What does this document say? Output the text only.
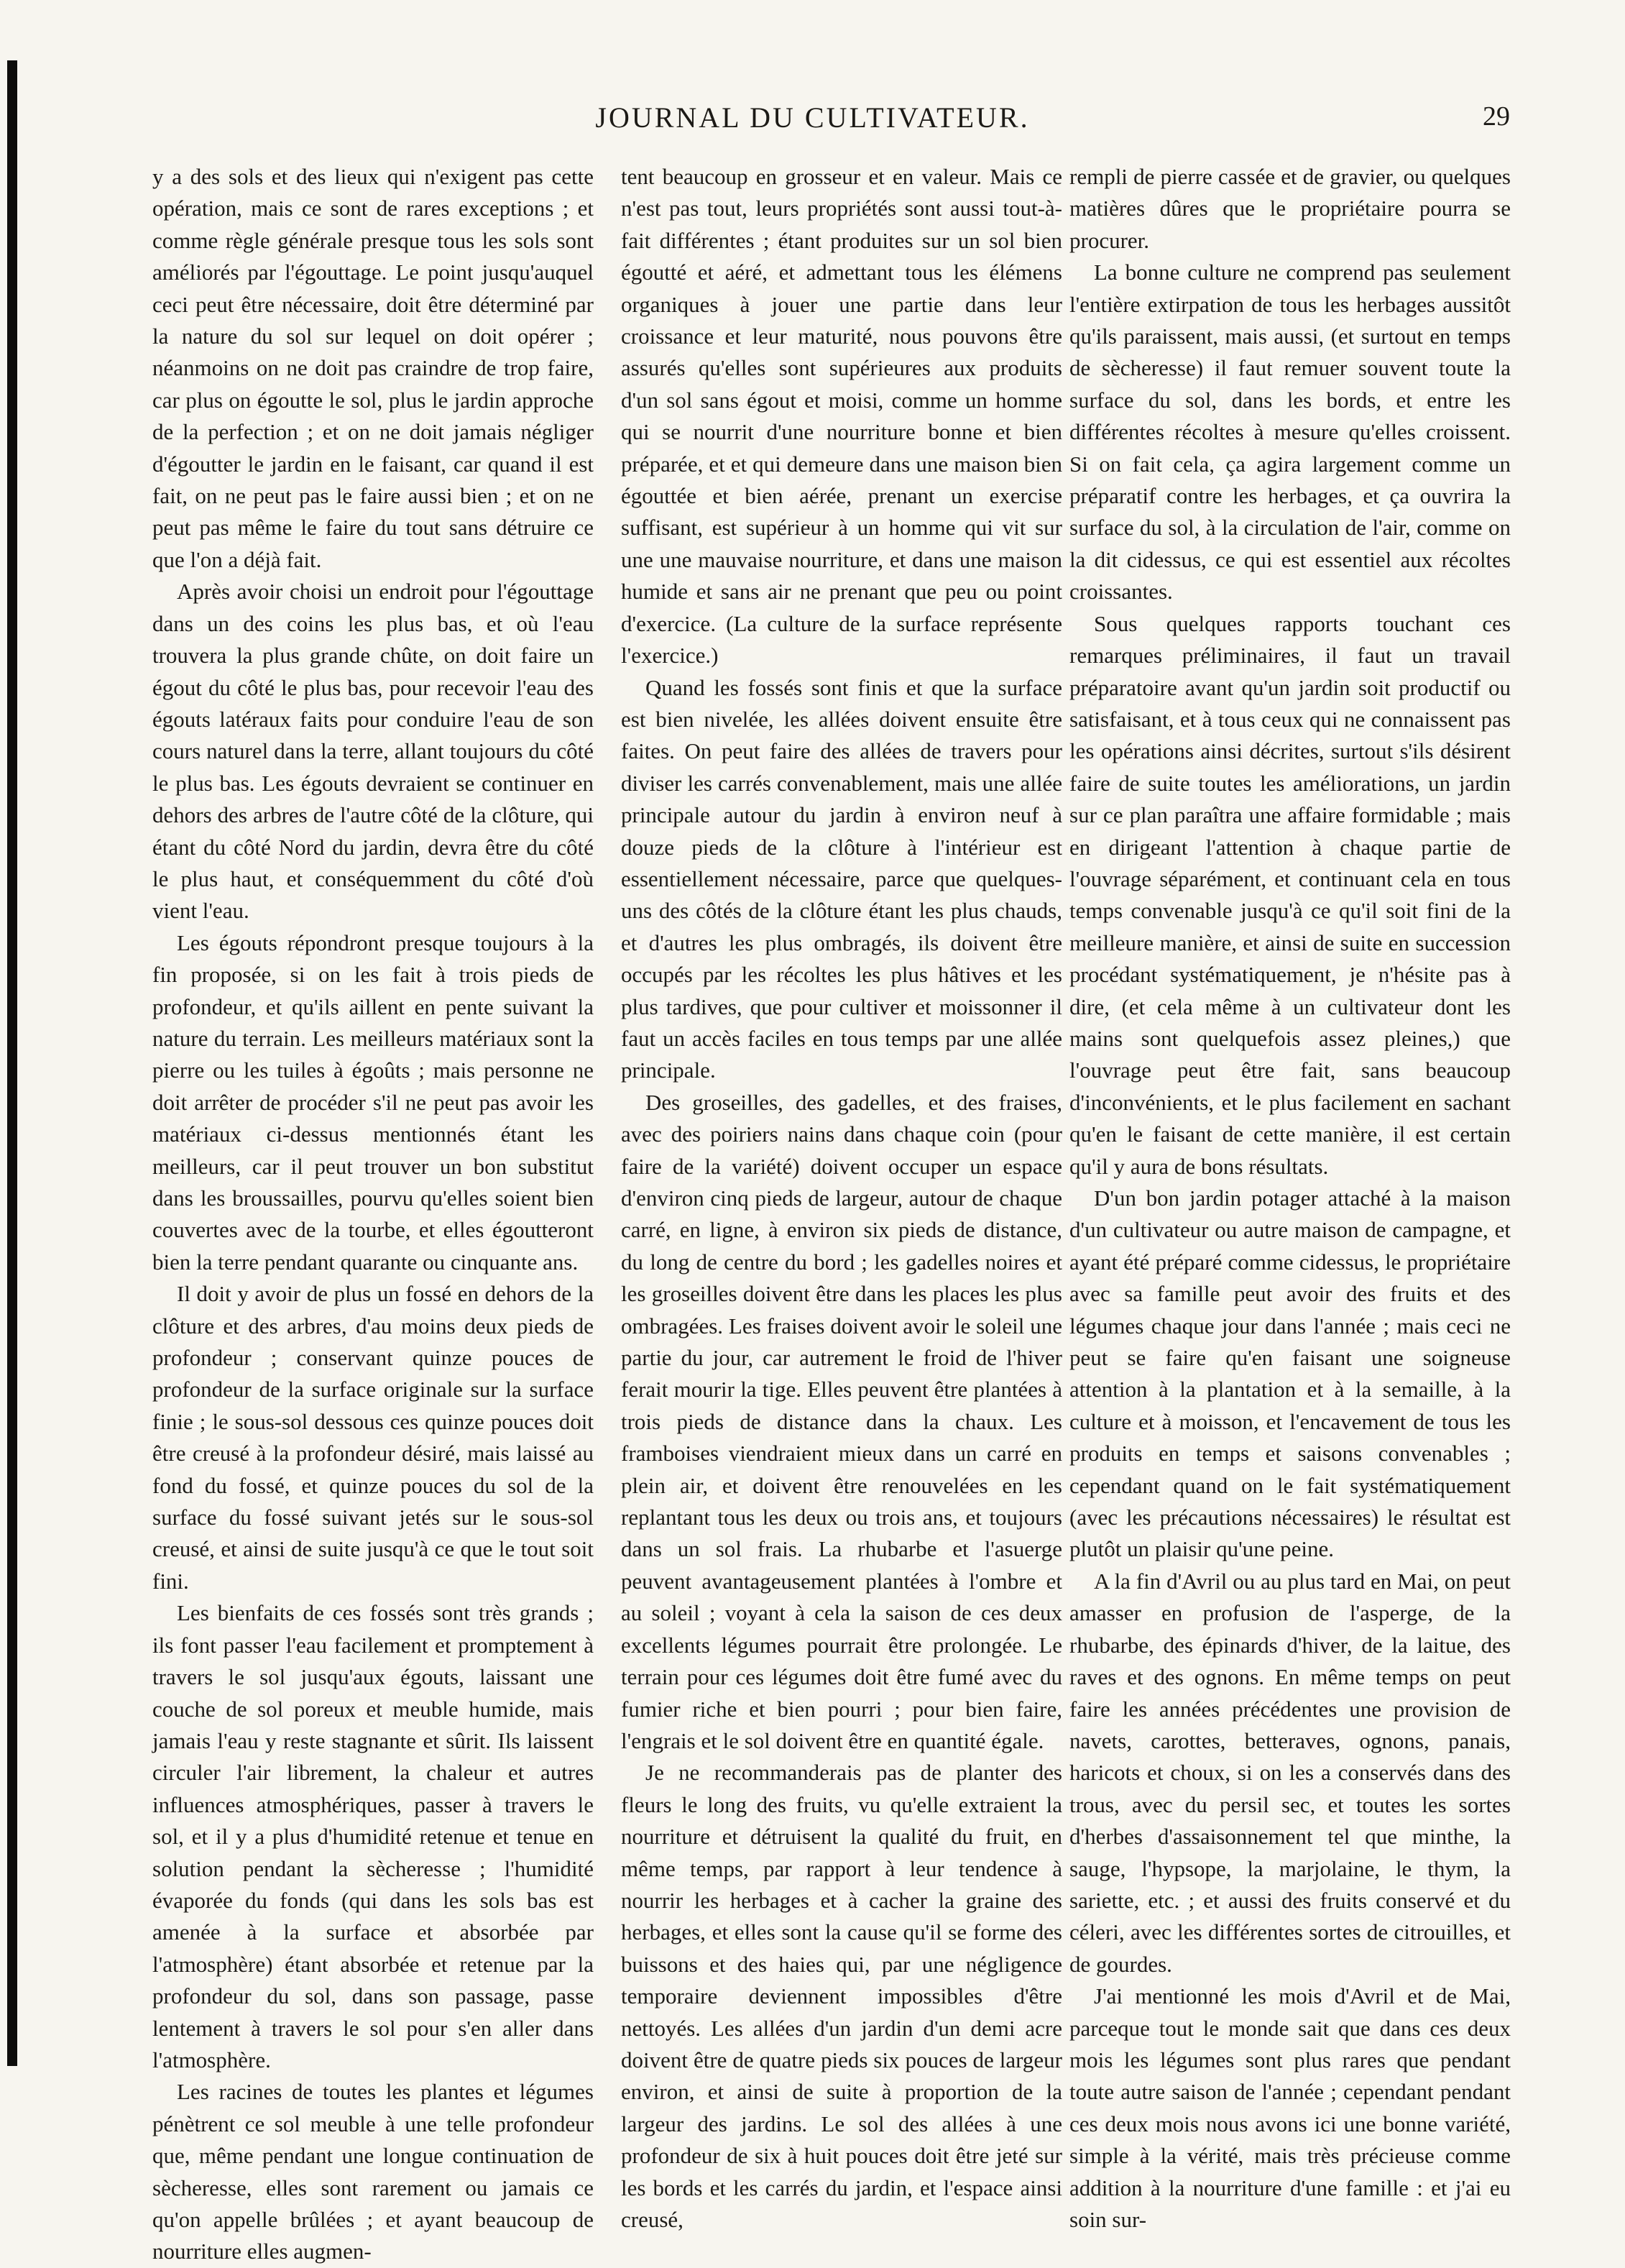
JOURNAL DU CULTIVATEUR.	29

y a des sols et des lieux qui n'exigent pas cette opération, mais ce sont de rares exceptions ; et comme règle générale presque tous les sols sont améliorés par l'égouttage. Le point jusqu'auquel ceci peut être nécessaire, doit être déterminé par la nature du sol sur lequel on doit opérer ; néanmoins on ne doit pas craindre de trop faire, car plus on égoutte le sol, plus le jardin approche de la perfection ; et on ne doit jamais négliger d'égoutter le jardin en le faisant, car quand il est fait, on ne peut pas le faire aussi bien ; et on ne peut pas même le faire du tout sans détruire ce que l'on a déjà fait.

Après avoir choisi un endroit pour l'égouttage dans un des coins les plus bas, et où l'eau trouvera la plus grande chûte, on doit faire un égout du côté le plus bas, pour recevoir l'eau des égouts latéraux faits pour conduire l'eau de son cours naturel dans la terre, allant toujours du côté le plus bas. Les égouts devraient se continuer en dehors des arbres de l'autre côté de la clôture, qui étant du côté Nord du jardin, devra être du côté le plus haut, et conséquemment du côté d'où vient l'eau.

Les égouts répondront presque toujours à la fin proposée, si on les fait à trois pieds de profondeur, et qu'ils aillent en pente suivant la nature du terrain. Les meilleurs matériaux sont la pierre ou les tuiles à égoûts ; mais personne ne doit arrêter de procéder s'il ne peut pas avoir les matériaux ci-dessus mentionnés étant les meilleurs, car il peut trouver un bon substitut dans les broussailles, pourvu qu'elles soient bien couvertes avec de la tourbe, et elles égoutteront bien la terre pendant quarante ou cinquante ans.

Il doit y avoir de plus un fossé en dehors de la clôture et des arbres, d'au moins deux pieds de profondeur ; conservant quinze pouces de profondeur de la surface originale sur la surface finie ; le sous-sol dessous ces quinze pouces doit être creusé à la profondeur désiré, mais laissé au fond du fossé, et quinze pouces du sol de la surface du fossé suivant jetés sur le sous-sol creusé, et ainsi de suite jusqu'à ce que le tout soit fini.

Les bienfaits de ces fossés sont très grands ; ils font passer l'eau facilement et promptement à travers le sol jusqu'aux égouts, laissant une couche de sol poreux et meuble humide, mais jamais l'eau y reste stagnante et sûrit. Ils laissent circuler l'air librement, la chaleur et autres influences atmosphériques, passer à travers le sol, et il y a plus d'humidité retenue et tenue en solution pendant la sècheresse ; l'humidité évaporée du fonds (qui dans les sols bas est amenée à la surface et absorbée par l'atmosphère) étant absorbée et retenue par la profondeur du sol, dans son passage, passe lentement à travers le sol pour s'en aller dans l'atmosphère.

Les racines de toutes les plantes et légumes pénètrent ce sol meuble à une telle profondeur que, même pendant une longue continuation de sècheresse, elles sont rarement ou jamais ce qu'on appelle brûlées ; et ayant beaucoup de nourriture elles augmen-

tent beaucoup en grosseur et en valeur. Mais ce n'est pas tout, leurs propriétés sont aussi tout-à-fait différentes ; étant produites sur un sol bien égoutté et aéré, et admettant tous les élémens organiques à jouer une partie dans leur croissance et leur maturité, nous pouvons être assurés qu'elles sont supérieures aux produits d'un sol sans égout et moisi, comme un homme qui se nourrit d'une nourriture bonne et bien préparée, et et qui demeure dans une maison bien égouttée et bien aérée, prenant un exercise suffisant, est supérieur à un homme qui vit sur une une mauvaise nourriture, et dans une maison humide et sans air ne prenant que peu ou point d'exercice. (La culture de la surface représente l'exercice.)

Quand les fossés sont finis et que la surface est bien nivelée, les allées doivent ensuite être faites. On peut faire des allées de travers pour diviser les carrés convenablement, mais une allée principale autour du jardin à environ neuf à douze pieds de la clôture à l'intérieur est essentiellement nécessaire, parce que quelques-uns des côtés de la clôture étant les plus chauds, et d'autres les plus ombragés, ils doivent être occupés par les récoltes les plus hâtives et les plus tardives, que pour cultiver et moissonner il faut un accès faciles en tous temps par une allée principale.

Des groseilles, des gadelles, et des fraises, avec des poiriers nains dans chaque coin (pour faire de la variété) doivent occuper un espace d'environ cinq pieds de largeur, autour de chaque carré, en ligne, à environ six pieds de distance, du long de centre du bord ; les gadelles noires et les groseilles doivent être dans les places les plus ombragées. Les fraises doivent avoir le soleil une partie du jour, car autrement le froid de l'hiver ferait mourir la tige. Elles peuvent être plantées à trois pieds de distance dans la chaux. Les framboises viendraient mieux dans un carré en plein air, et doivent être renouvelées en les replantant tous les deux ou trois ans, et toujours dans un sol frais. La rhubarbe et l'asuerge peuvent avantageusement plantées à l'ombre et au soleil ; voyant à cela la saison de ces deux excellents légumes pourrait être prolongée. Le terrain pour ces légumes doit être fumé avec du fumier riche et bien pourri ; pour bien faire, l'engrais et le sol doivent être en quantité égale.

Je ne recommanderais pas de planter des fleurs le long des fruits, vu qu'elle extraient la nourriture et détruisent la qualité du fruit, en même temps, par rapport à leur tendence à nourrir les herbages et à cacher la graine des herbages, et elles sont la cause qu'il se forme des buissons et des haies qui, par une négligence temporaire deviennent impossibles d'être nettoyés. Les allées d'un jardin d'un demi acre doivent être de quatre pieds six pouces de largeur environ, et ainsi de suite à proportion de la largeur des jardins. Le sol des allées à une profondeur de six à huit pouces doit être jeté sur les bords et les carrés du jardin, et l'espace ainsi creusé,

rempli de pierre cassée et de gravier, ou quelques matières dûres que le propriétaire pourra se procurer.

La bonne culture ne comprend pas seulement l'entière extirpation de tous les herbages aussitôt qu'ils paraissent, mais aussi, (et surtout en temps de sècheresse) il faut remuer souvent toute la surface du sol, dans les bords, et entre les différentes récoltes à mesure qu'elles croissent. Si on fait cela, ça agira largement comme un préparatif contre les herbages, et ça ouvrira la surface du sol, à la circulation de l'air, comme on la dit cidessus, ce qui est essentiel aux récoltes croissantes.

Sous quelques rapports touchant ces remarques préliminaires, il faut un travail préparatoire avant qu'un jardin soit productif ou satisfaisant, et à tous ceux qui ne connaissent pas les opérations ainsi décrites, surtout s'ils désirent faire de suite toutes les améliorations, un jardin sur ce plan paraîtra une affaire formidable ; mais en dirigeant l'attention à chaque partie de l'ouvrage séparément, et continuant cela en tous temps convenable jusqu'à ce qu'il soit fini de la meilleure manière, et ainsi de suite en succession procédant systématiquement, je n'hésite pas à dire, (et cela même à un cultivateur dont les mains sont quelquefois assez pleines,) que l'ouvrage peut être fait, sans beaucoup d'inconvénients, et le plus facilement en sachant qu'en le faisant de cette manière, il est certain qu'il y aura de bons résultats.

D'un bon jardin potager attaché à la maison d'un cultivateur ou autre maison de campagne, et ayant été préparé comme cidessus, le propriétaire avec sa famille peut avoir des fruits et des légumes chaque jour dans l'année ; mais ceci ne peut se faire qu'en faisant une soigneuse attention à la plantation et à la semaille, à la culture et à moisson, et l'encavement de tous les produits en temps et saisons convenables ; cependant quand on le fait systématiquement (avec les précautions nécessaires) le résultat est plutôt un plaisir qu'une peine.

A la fin d'Avril ou au plus tard en Mai, on peut amasser en profusion de l'asperge, de la rhubarbe, des épinards d'hiver, de la laitue, des raves et des ognons. En même temps on peut faire les années précédentes une provision de navets, carottes, betteraves, ognons, panais, haricots et choux, si on les a conservés dans des trous, avec du persil sec, et toutes les sortes d'herbes d'assaisonnement tel que minthe, la sauge, l'hypsope, la marjolaine, le thym, la sariette, etc. ; et aussi des fruits conservé et du céleri, avec les différentes sortes de citrouilles, et de gourdes.

J'ai mentionné les mois d'Avril et de Mai, parceque tout le monde sait que dans ces deux mois les légumes sont plus rares que pendant toute autre saison de l'année ; cependant pendant ces deux mois nous avons ici une bonne variété, simple à la vérité, mais très précieuse comme addition à la nourriture d'une famille : et j'ai eu soin sur-
